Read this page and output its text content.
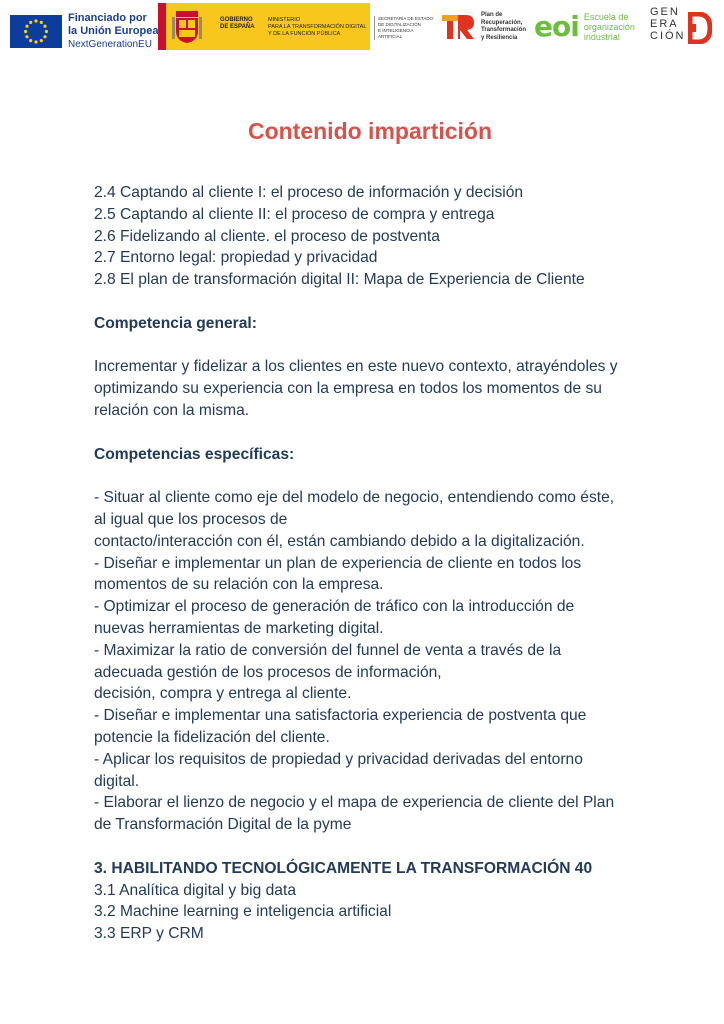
Financiado por
la Unión Europea
NextGenerationEU
GOBIERNO
DE ESPAÑA
MINISTERIO
PARA LA TRANSFORMACIÓN DIGITAL
Y DE LA FUNCIÓN PÚBLICA
SECRETARÍA DE ESTADO
DE DIGITALIZACIÓN
E INTELIGENCIA ARTIFICIAL
Plan de
Recuperación,
Transformación
y Resiliencia eoi Escuela de
organización
industrial
GEN
ERA
CIÓN
Contenido impartición

2.4 Captando al cliente I: el proceso de información y decisión

2.5 Captando al cliente II: el proceso de compra y entrega

2.6 Fidelizando al cliente. el proceso de postventa

2.7 Entorno legal: propiedad y privacidad

2.8 El plan de transformación digital II: Mapa de Experiencia de Cliente

Competencia general:

Incrementar y fidelizar a los clientes en este nuevo contexto, atrayéndoles y

optimizando su experiencia con la empresa en todos los momentos de su

relación con la misma.

Competencias específicas:

- Situar al cliente como eje del modelo de negocio, entendiendo como éste,

al igual que los procesos de

contacto/interacción con él, están cambiando debido a la digitalización.

- Diseñar e implementar un plan de experiencia de cliente en todos los

momentos de su relación con la empresa.

- Optimizar el proceso de generación de tráfico con la introducción de

nuevas herramientas de marketing digital.

- Maximizar la ratio de conversión del funnel de venta a través de la

adecuada gestión de los procesos de información,

decisión, compra y entrega al cliente.

- Diseñar e implementar una satisfactoria experiencia de postventa que

potencie la fidelización del cliente.

- Aplicar los requisitos de propiedad y privacidad derivadas del entorno

digital.

- Elaborar el lienzo de negocio y el mapa de experiencia de cliente del Plan

de Transformación Digital de la pyme

3. HABILITANDO TECNOLÓGICAMENTE LA TRANSFORMACIÓN 40

3.1 Analítica digital y big data

3.2 Machine learning e inteligencia artificial

3.3 ERP y CRM
